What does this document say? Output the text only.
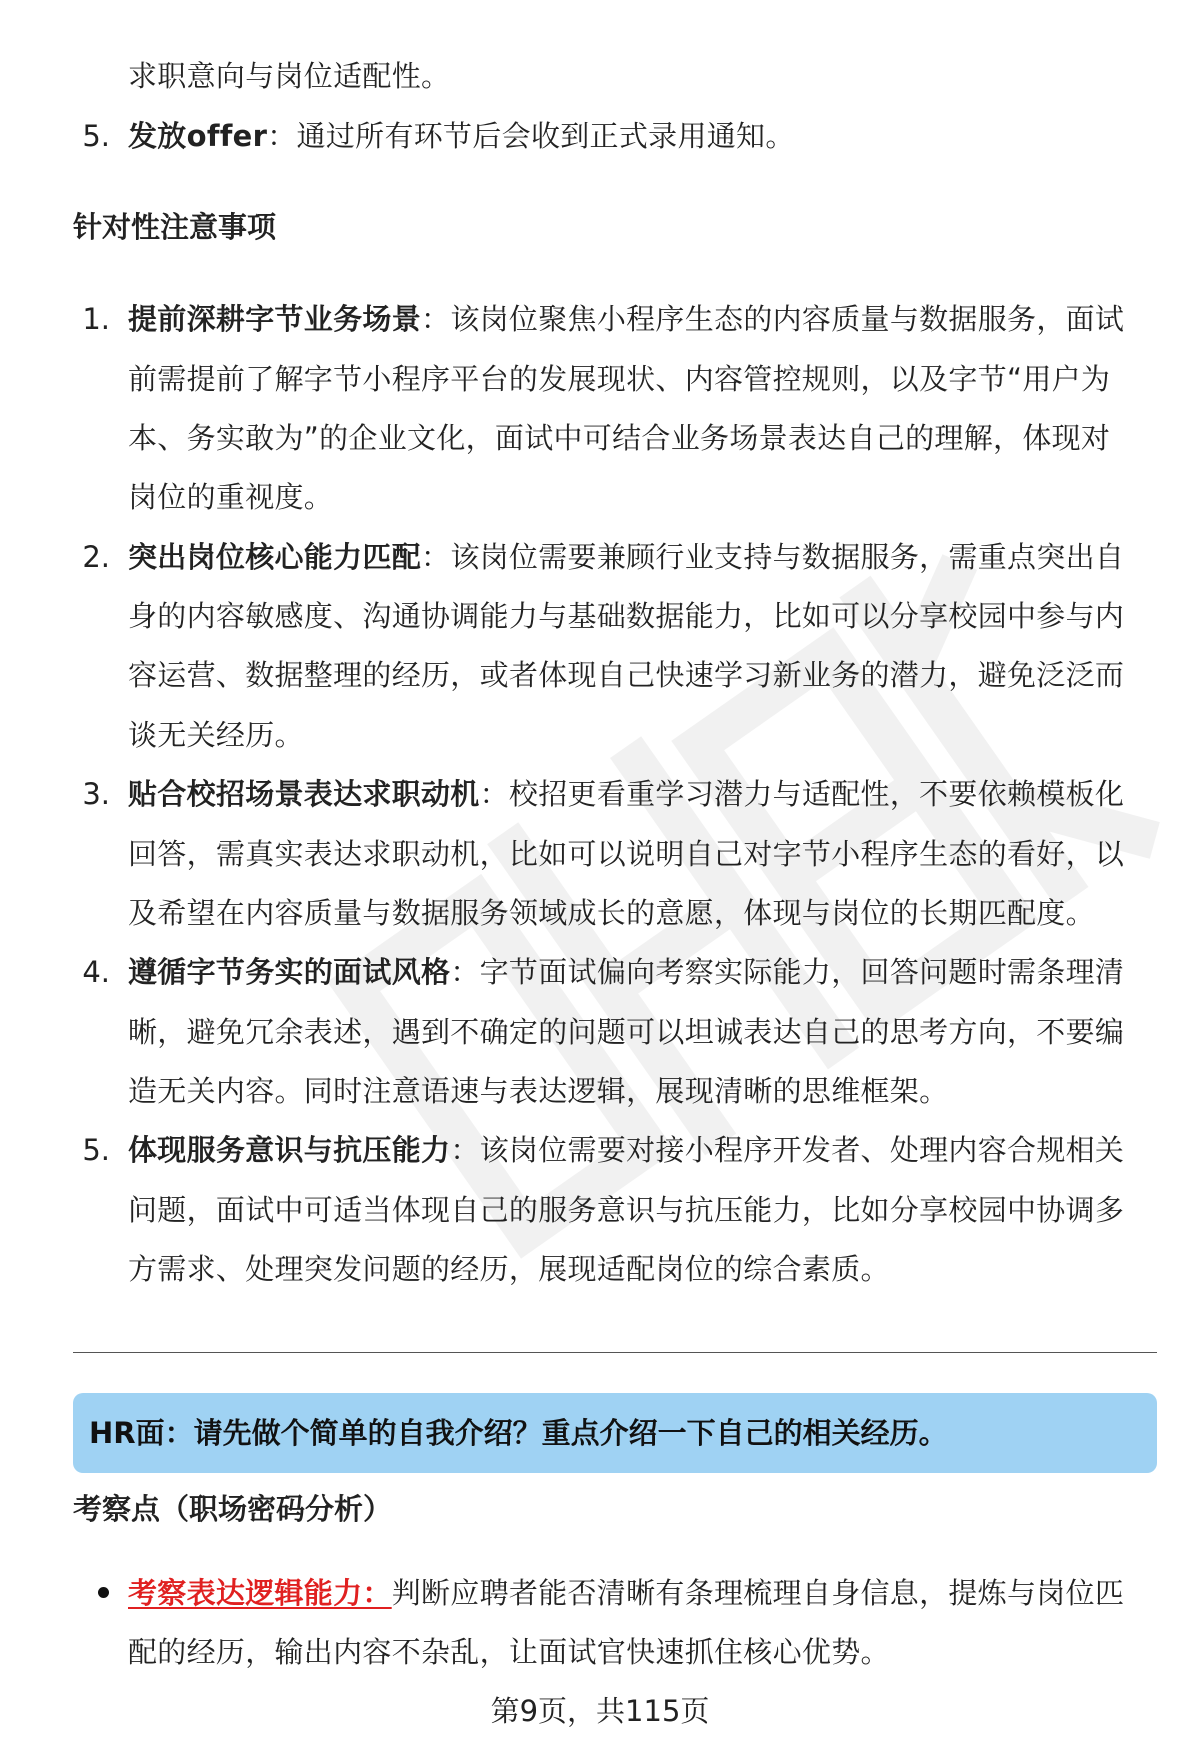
求职意向与岗位适配性。
5. 发放offer：通过所有环节后会收到正式录用通知。
针对性注意事项
1. 提前深耕字节业务场景：该岗位聚焦小程序生态的内容质量与数据服务，面试
前需提前了解字节小程序平台的发展现状、内容管控规则，以及字节“用户为
本、务实敢为”的企业文化，面试中可结合业务场景表达自己的理解，体现对
岗位的重视度。
2. 突出岗位核心能力匹配：该岗位需要兼顾行业支持与数据服务，需重点突出自
身的内容敏感度、沟通协调能力与基础数据能力，比如可以分享校园中参与内
容运营、数据整理的经历，或者体现自己快速学习新业务的潜力，避免泛泛而
谈无关经历。
3. 贴合校招场景表达求职动机：校招更看重学习潜力与适配性，不要依赖模板化
回答，需真实表达求职动机，比如可以说明自己对字节小程序生态的看好，以
及希望在内容质量与数据服务领域成长的意愿，体现与岗位的长期匹配度。
4. 遵循字节务实的面试风格：字节面试偏向考察实际能力，回答问题时需条理清
晰，避免冗余表述，遇到不确定的问题可以坦诚表达自己的思考方向，不要编
造无关内容。同时注意语速与表达逻辑，展现清晰的思维框架。
5. 体现服务意识与抗压能力：该岗位需要对接小程序开发者、处理内容合规相关
问题，面试中可适当体现自己的服务意识与抗压能力，比如分享校园中协调多
方需求、处理突发问题的经历，展现适配岗位的综合素质。
HR面：请先做个简单的自我介绍？重点介绍一下自己的相关经历。
考察点（职场密码分析）
考察表达逻辑能力：判断应聘者能否清晰有条理梳理自身信息，提炼与岗位匹
配的经历，输出内容不杂乱，让面试官快速抓住核心优势。
第9页，共115页
